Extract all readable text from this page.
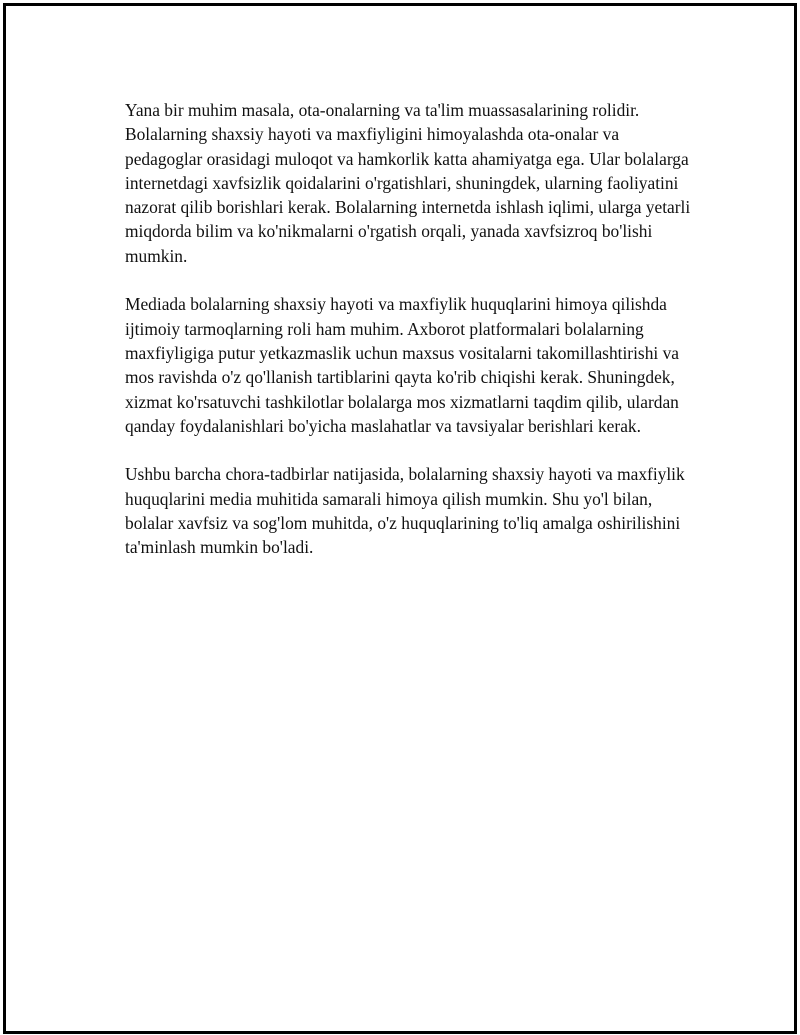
Yana bir muhim masala, ota-onalarning va ta'lim muassasalarining rolidir. Bolalarning shaxsiy hayoti va maxfiyligini himoyalashda ota-onalar va pedagoglar orasidagi muloqot va hamkorlik katta ahamiyatga ega. Ular bolalarga internetdagi xavfsizlik qoidalarini o'rgatishlari, shuningdek, ularning faoliyatini nazorat qilib borishlari kerak. Bolalarning internetda ishlash iqlimi, ularga yetarli miqdorda bilim va ko'nikmalarni o'rgatish orqali, yanada xavfsizroq bo'lishi mumkin.

Mediada bolalarning shaxsiy hayoti va maxfiylik huquqlarini himoya qilishda ijtimoiy tarmoqlarning roli ham muhim. Axborot platformalari bolalarning maxfiyligiga putur yetkazmaslik uchun maxsus vositalarni takomillashtirishi va mos ravishda o'z qo'llanish tartiblarini qayta ko'rib chiqishi kerak. Shuningdek, xizmat ko'rsatuvchi tashkilotlar bolalarga mos xizmatlarni taqdim qilib, ulardan qanday foydalanishlari bo'yicha maslahatlar va tavsiyalar berishlari kerak.

Ushbu barcha chora-tadbirlar natijasida, bolalarning shaxsiy hayoti va maxfiylik huquqlarini media muhitida samarali himoya qilish mumkin. Shu yo'l bilan, bolalar xavfsiz va sog'lom muhitda, o'z huquqlarining to'liq amalga oshirilishini ta'minlash mumkin bo'ladi.
